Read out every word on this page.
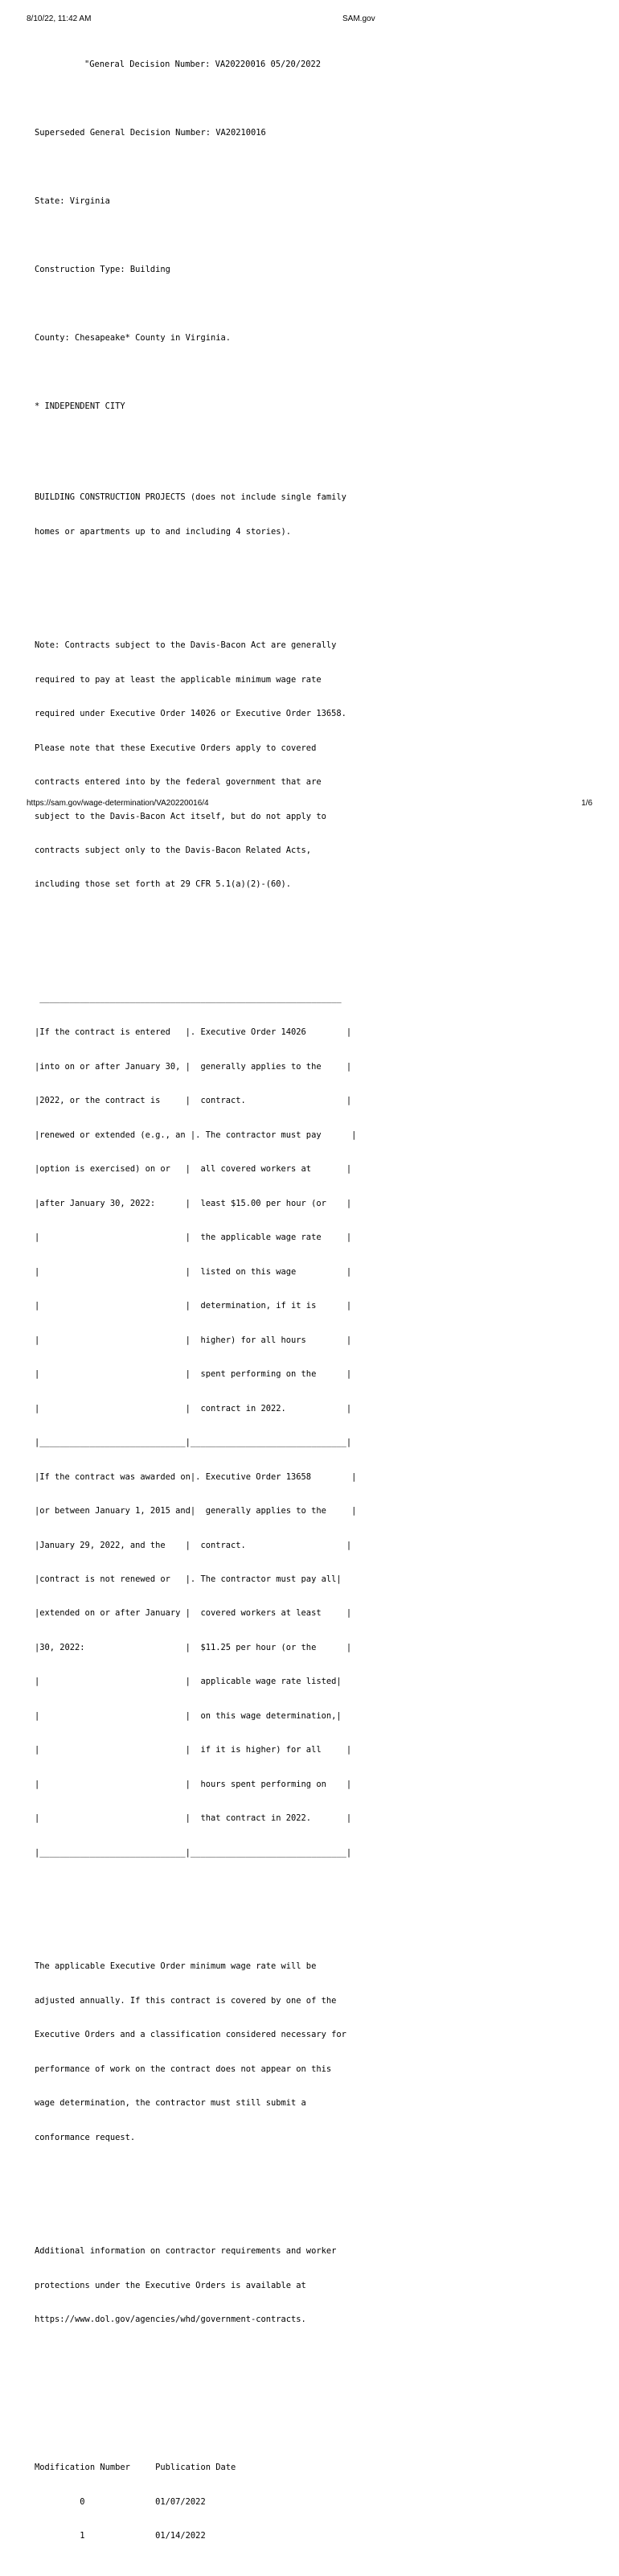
8/10/22, 11:42 AM	SAM.gov

"General Decision Number: VA20220016 05/20/2022

Superseded General Decision Number: VA20210016

State: Virginia

Construction Type: Building

County: Chesapeake* County in Virginia.

* INDEPENDENT CITY

BUILDING CONSTRUCTION PROJECTS (does not include single family

homes or apartments up to and including 4 stories).

Note: Contracts subject to the Davis-Bacon Act are generally

required to pay at least the applicable minimum wage rate

required under Executive Order 14026 or Executive Order 13658.

Please note that these Executive Orders apply to covered

contracts entered into by the federal government that are

subject to the Davis-Bacon Act itself, but do not apply to

contracts subject only to the Davis-Bacon Related Acts,

including those set forth at 29 CFR 5.1(a)(2)-(60).

____________________________________________________________

|If the contract is entered   |. Executive Order 14026        |

|into on or after January 30, |  generally applies to the     |

|2022, or the contract is     |  contract.                    |

|renewed or extended (e.g., an |. The contractor must pay      |

|option is exercised) on or   |  all covered workers at       |

|after January 30, 2022:      |  least $15.00 per hour (or    |

|                             |  the applicable wage rate     |

|                             |  listed on this wage          |

|                             |  determination, if it is      |

|                             |  higher) for all hours        |

|                             |  spent performing on the      |

|                             |  contract in 2022.            |

|_____________________________|_______________________________|

|If the contract was awarded on|. Executive Order 13658        |

|or between January 1, 2015 and|  generally applies to the     |

|January 29, 2022, and the    |  contract.                    |

|contract is not renewed or   |. The contractor must pay all|

|extended on or after January |  covered workers at least     |

|30, 2022:                    |  $11.25 per hour (or the      |

|                             |  applicable wage rate listed|

|                             |  on this wage determination,|

|                             |  if it is higher) for all     |

|                             |  hours spent performing on    |

|                             |  that contract in 2022.       |

|_____________________________|_______________________________|

The applicable Executive Order minimum wage rate will be

adjusted annually. If this contract is covered by one of the

Executive Orders and a classification considered necessary for

performance of work on the contract does not appear on this

wage determination, the contractor must still submit a

conformance request.

Additional information on contractor requirements and worker

protections under the Executive Orders is available at

https://www.dol.gov/agencies/whd/government-contracts.

Modification Number     Publication Date

0              01/07/2022

1              01/14/2022

https://sam.gov/wage-determination/VA20220016/4	1/6
